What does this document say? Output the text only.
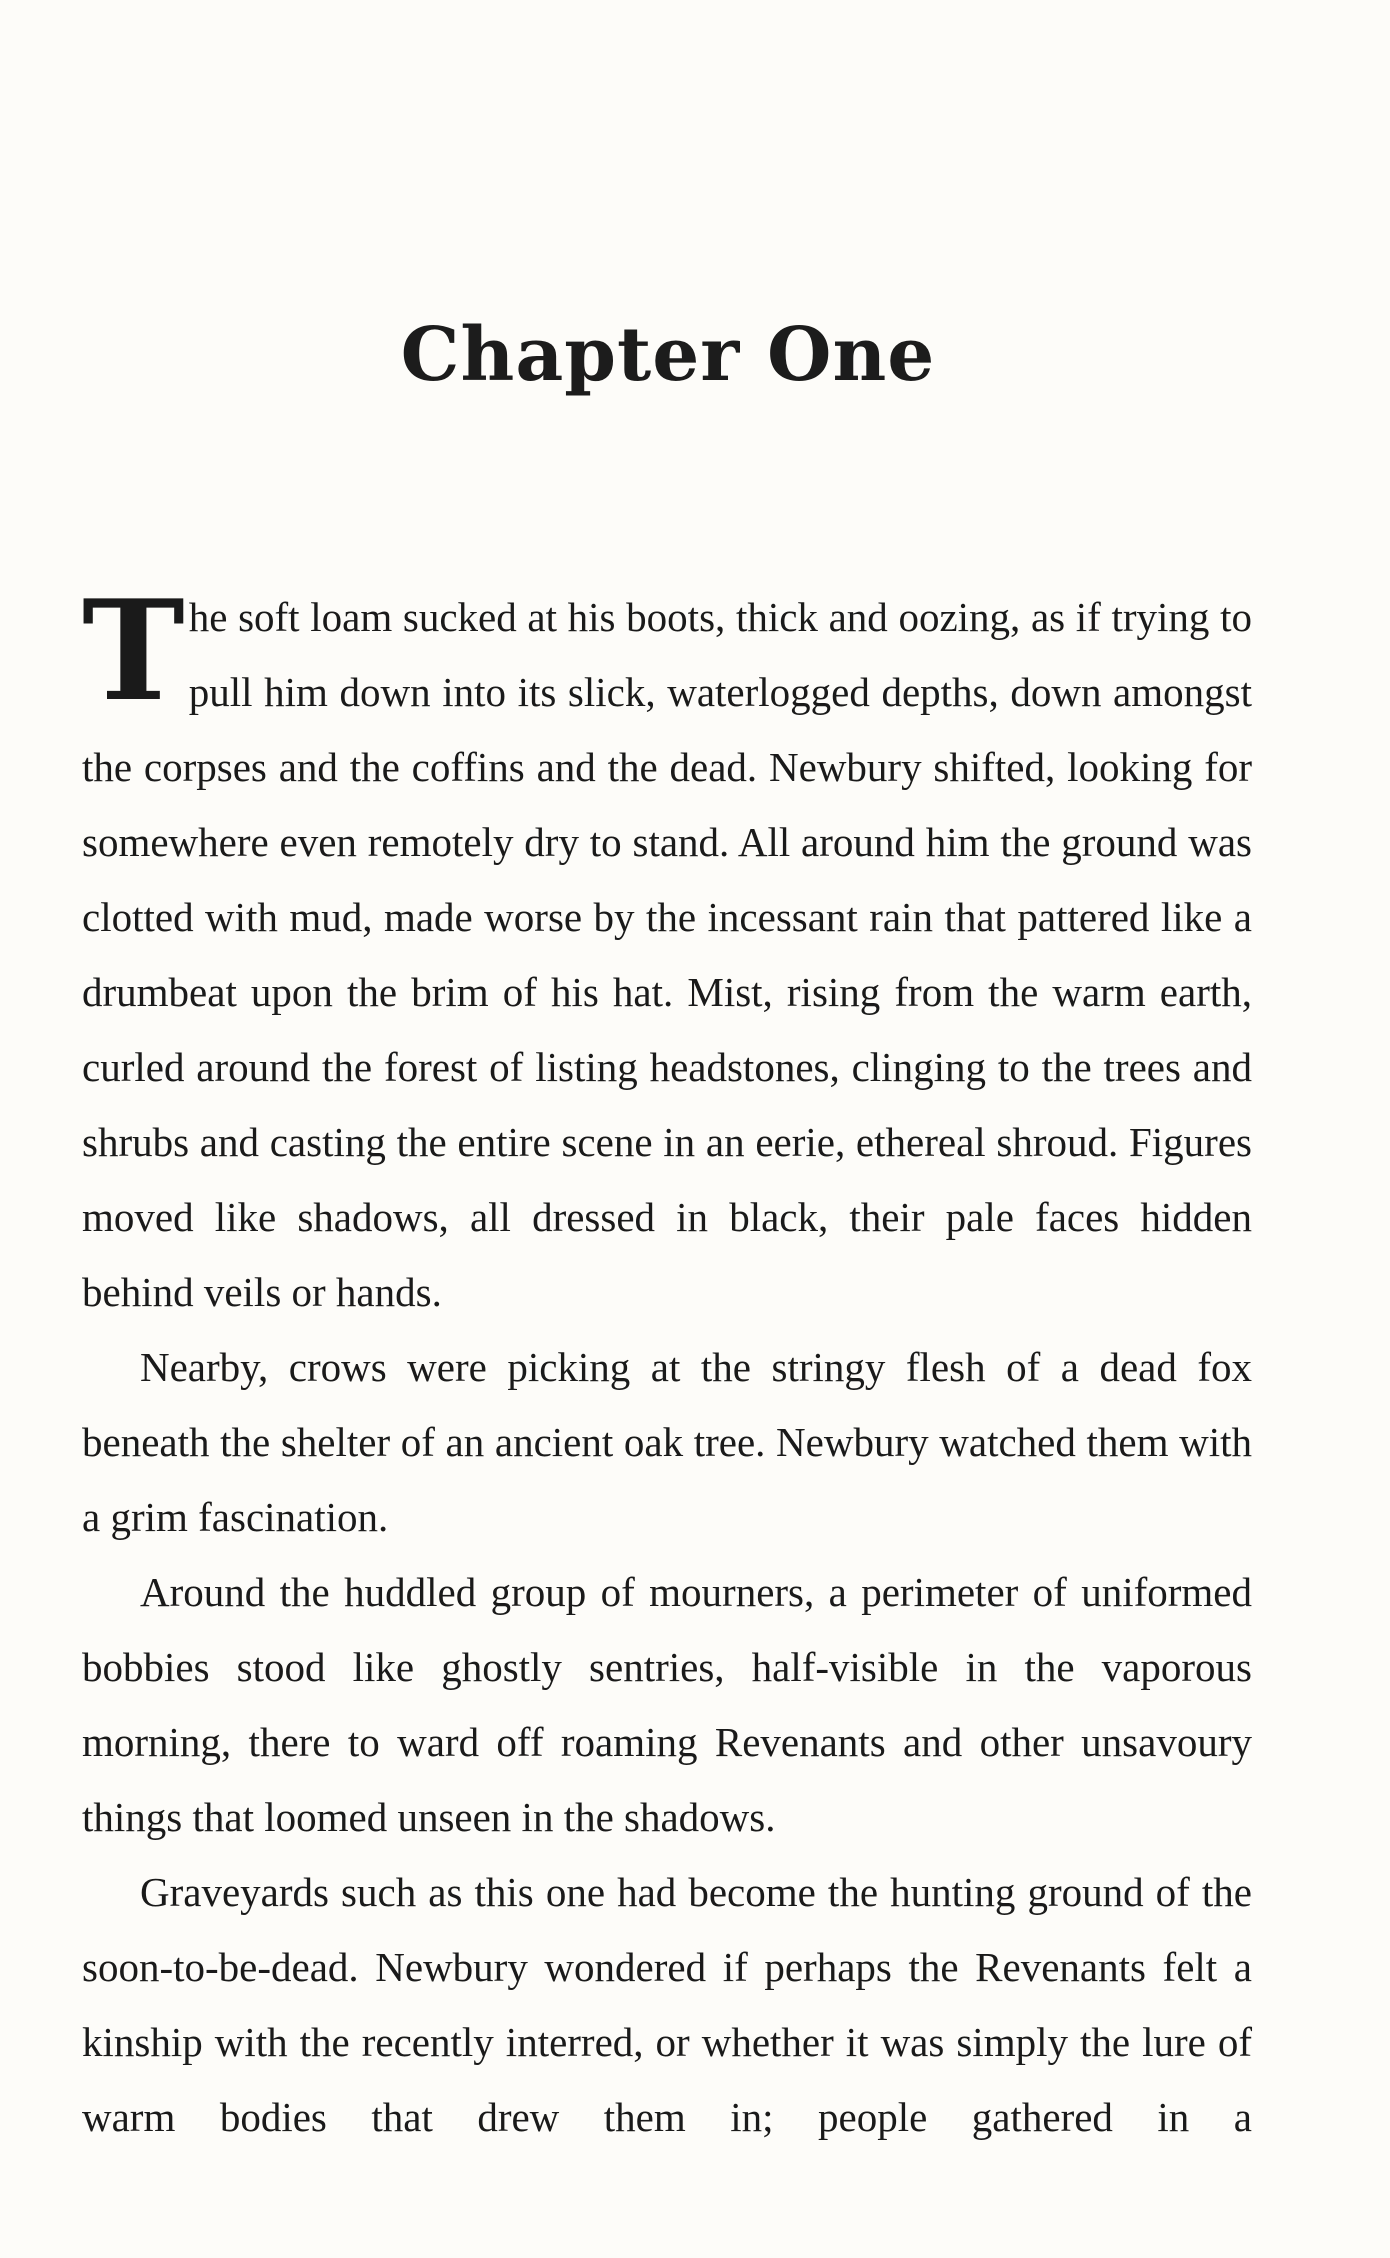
Chapter One

The soft loam sucked at his boots, thick and oozing, as if trying to pull him down into its slick, waterlogged depths, down amongst the corpses and the coffins and the dead. Newbury shifted, looking for somewhere even remotely dry to stand. All around him the ground was clotted with mud, made worse by the incessant rain that pattered like a drumbeat upon the brim of his hat. Mist, rising from the warm earth, curled around the forest of listing headstones, clinging to the trees and shrubs and casting the entire scene in an eerie, ethereal shroud. Figures moved like shadows, all dressed in black, their pale faces hidden behind veils or hands.

Nearby, crows were picking at the stringy flesh of a dead fox beneath the shelter of an ancient oak tree. Newbury watched them with a grim fascination.

Around the huddled group of mourners, a perimeter of uniformed bobbies stood like ghostly sentries, half-visible in the vaporous morning, there to ward off roaming Revenants and other unsavoury things that loomed unseen in the shadows.

Graveyards such as this one had become the hunting ground of the soon-to-be-dead. Newbury wondered if perhaps the Revenants felt a kinship with the recently interred, or whether it was simply the lure of warm bodies that drew them in; people gathered in a
